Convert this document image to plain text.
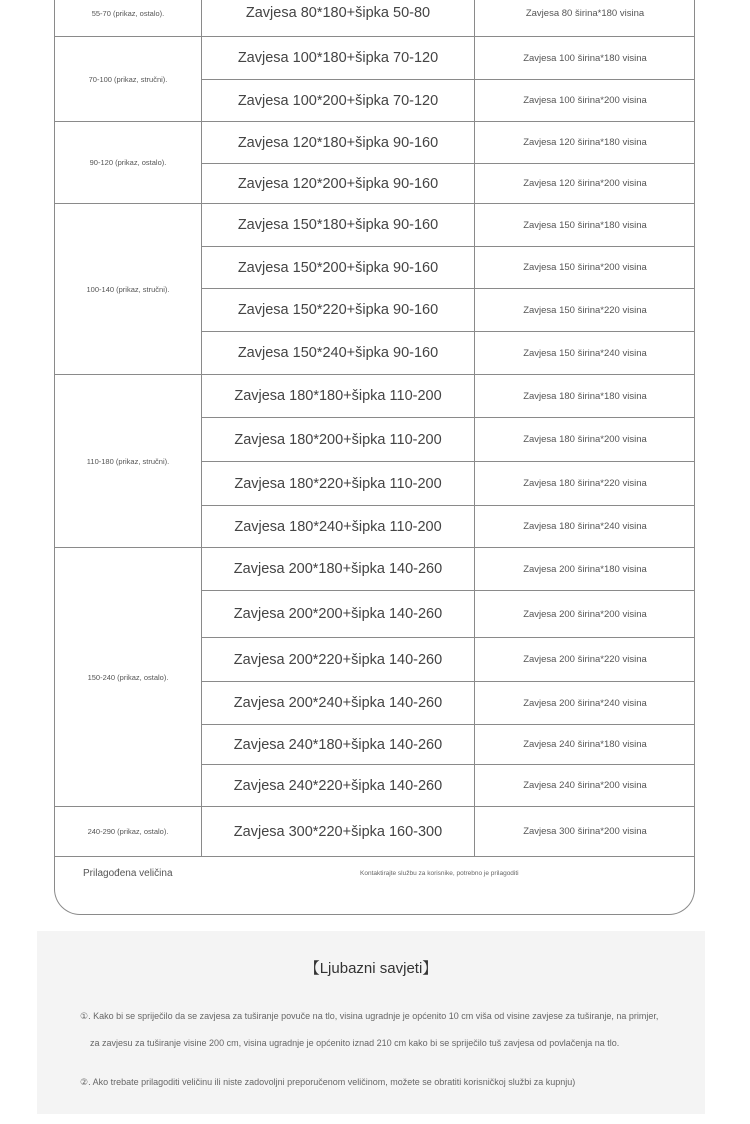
55-70 (prikaz, ostalo).	Zavjesa 80*180+šipka 50-80	Zavjesa 80 širina*180 visina
70-100 (prikaz, stručni).
Zavjesa 100*180+šipka 70-120	Zavjesa 100 širina*180 visina
Zavjesa 100*200+šipka 70-120	Zavjesa 100 širina*200 visina
90-120 (prikaz, ostalo).
Zavjesa 120*180+šipka 90-160	Zavjesa 120 širina*180 visina
Zavjesa 120*200+šipka 90-160	Zavjesa 120 širina*200 visina
100-140 (prikaz, stručni).
Zavjesa 150*180+šipka 90-160	Zavjesa 150 širina*180 visina
Zavjesa 150*200+šipka 90-160	Zavjesa 150 širina*200 visina
Zavjesa 150*220+šipka 90-160	Zavjesa 150 širina*220 visina
Zavjesa 150*240+šipka 90-160	Zavjesa 150 širina*240 visina
110-180 (prikaz, stručni).
Zavjesa 180*180+šipka 110-200	Zavjesa 180 širina*180 visina
Zavjesa 180*200+šipka 110-200	Zavjesa 180 širina*200 visina
Zavjesa 180*220+šipka 110-200	Zavjesa 180 širina*220 visina
Zavjesa 180*240+šipka 110-200	Zavjesa 180 širina*240 visina
150-240 (prikaz, ostalo).
Zavjesa 200*180+šipka 140-260	Zavjesa 200 širina*180 visina
Zavjesa 200*200+šipka 140-260	Zavjesa 200 širina*200 visina
Zavjesa 200*220+šipka 140-260	Zavjesa 200 širina*220 visina
Zavjesa 200*240+šipka 140-260	Zavjesa 200 širina*240 visina
Zavjesa 240*180+šipka 140-260	Zavjesa 240 širina*180 visina
Zavjesa 240*220+šipka 140-260	Zavjesa 240 širina*200 visina
240-290 (prikaz, ostalo).	Zavjesa 300*220+šipka 160-300	Zavjesa 300 širina*200 visina
Prilagođena veličina	Kontaktirajte službu za korisnike, potrebno je prilagoditi
【Ljubazni savjeti】
①. Kako bi se spriječilo da se zavjesa za tuširanje povuče na tlo, visina ugradnje je općenito 10 cm viša od visine zavjese za tuširanje, na primjer,
za zavjesu za tuširanje visine 200 cm, visina ugradnje je općenito iznad 210 cm kako bi se spriječilo tuš zavjesa od povlačenja na tlo.
②. Ako trebate prilagoditi veličinu ili niste zadovoljni preporučenom veličinom, možete se obratiti korisničkoj službi za kupnju)
